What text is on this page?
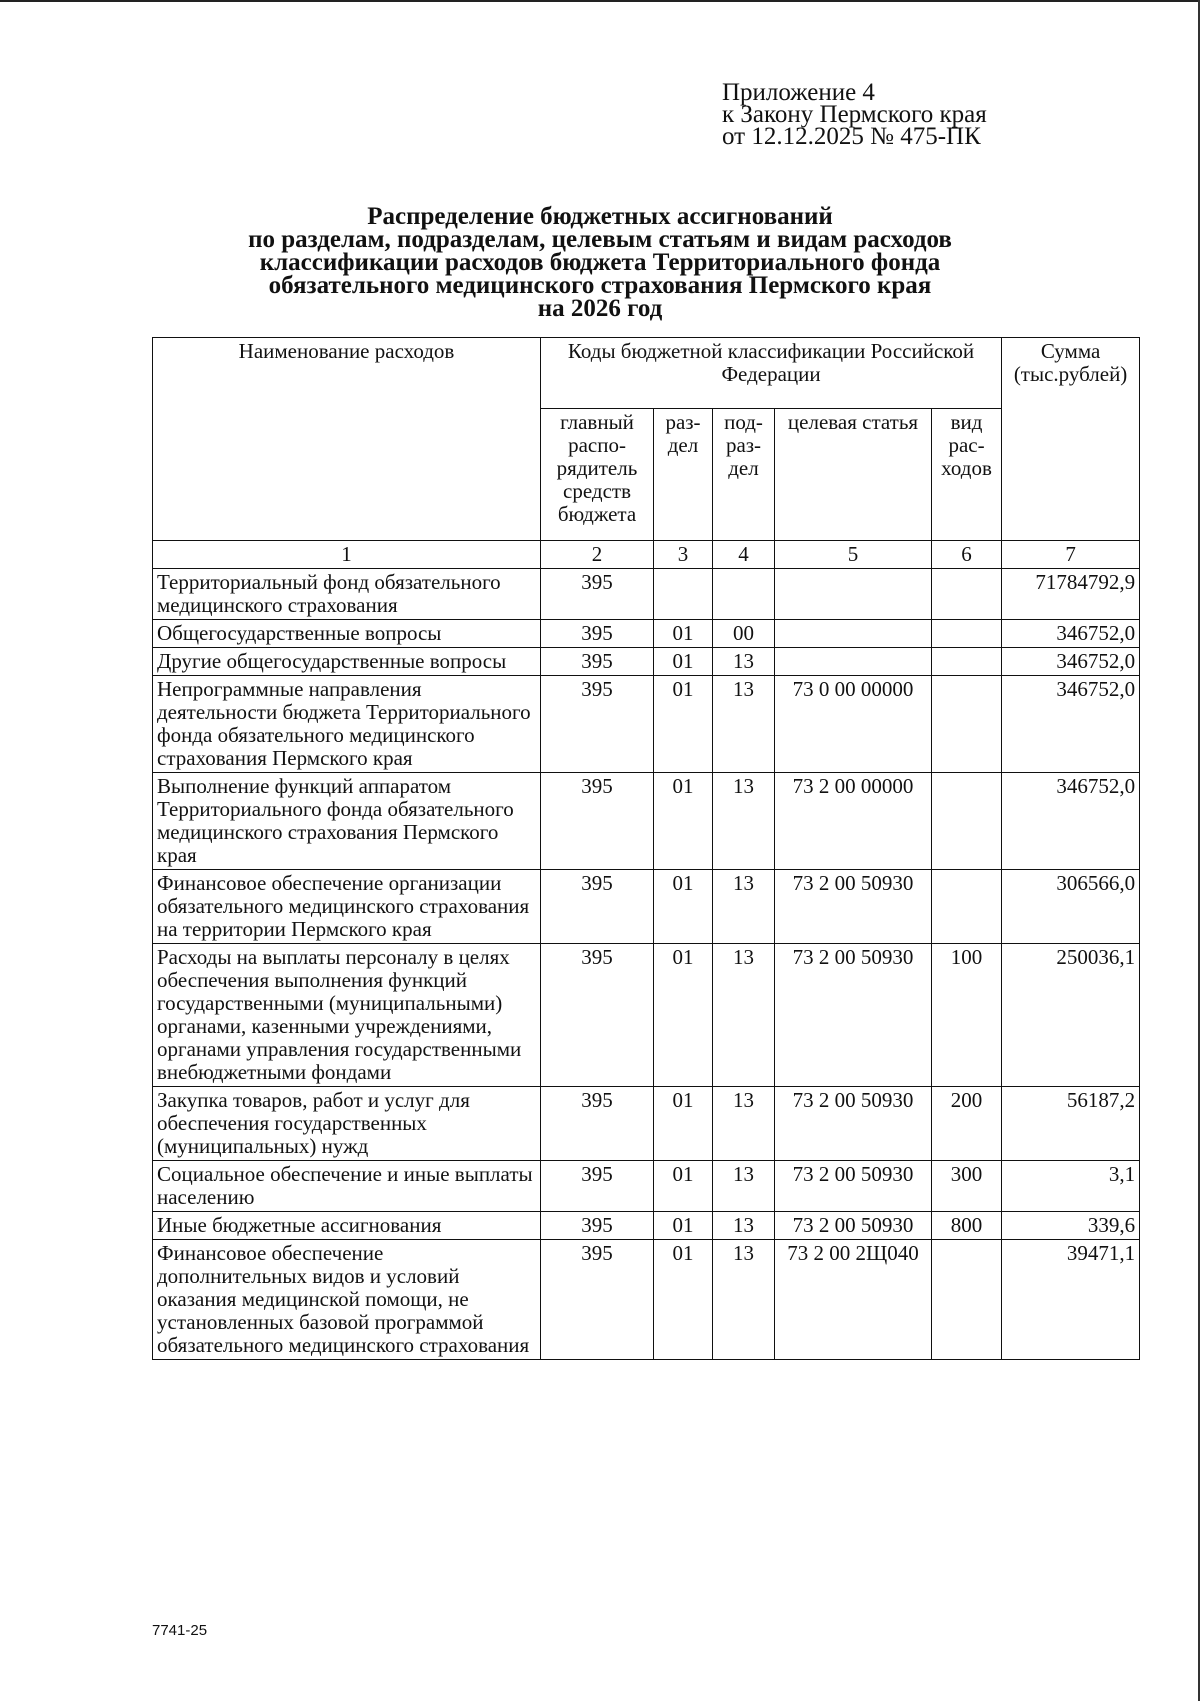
Приложение 4
к Закону Пермского края
от 12.12.2025 № 475-ПК
Распределение бюджетных ассигнований
по разделам, подразделам, целевым статьям и видам расходов
классификации расходов бюджета Территориального фонда
обязательного медицинского страхования Пермского края
на 2026 год
Наименование расходов	Коды бюджетной классификации Российской Федерации					Сумма (тыс.рублей)
	главный распо-рядитель средств бюджета	раз-дел	под-раз-дел	целевая статья	вид рас-ходов	
1	2	3	4	5	6	7
Территориальный фонд обязательного медицинского страхования	395					71784792,9
Общегосударственные вопросы	395	01	00			346752,0
Другие общегосударственные вопросы	395	01	13			346752,0
Непрограммные направления деятельности бюджета Территориального фонда обязательного медицинского страхования Пермского края	395	01	13	73 0 00 00000		346752,0
Выполнение функций аппаратом Территориального фонда обязательного медицинского страхования Пермского края	395	01	13	73 2 00 00000		346752,0
Финансовое обеспечение организации обязательного медицинского страхования на территории Пермского края	395	01	13	73 2 00 50930		306566,0
Расходы на выплаты персоналу в целях обеспечения выполнения функций государственными (муниципальными) органами, казенными учреждениями, органами управления государственными внебюджетными фондами	395	01	13	73 2 00 50930	100	250036,1
Закупка товаров, работ и услуг для обеспечения государственных (муниципальных) нужд	395	01	13	73 2 00 50930	200	56187,2
Социальное обеспечение и иные выплаты населению	395	01	13	73 2 00 50930	300	3,1
Иные бюджетные ассигнования	395	01	13	73 2 00 50930	800	339,6
Финансовое обеспечение дополнительных видов и условий оказания медицинской помощи, не установленных базовой программой обязательного медицинского страхования	395	01	13	73 2 00 2Щ040		39471,1
7741-25
